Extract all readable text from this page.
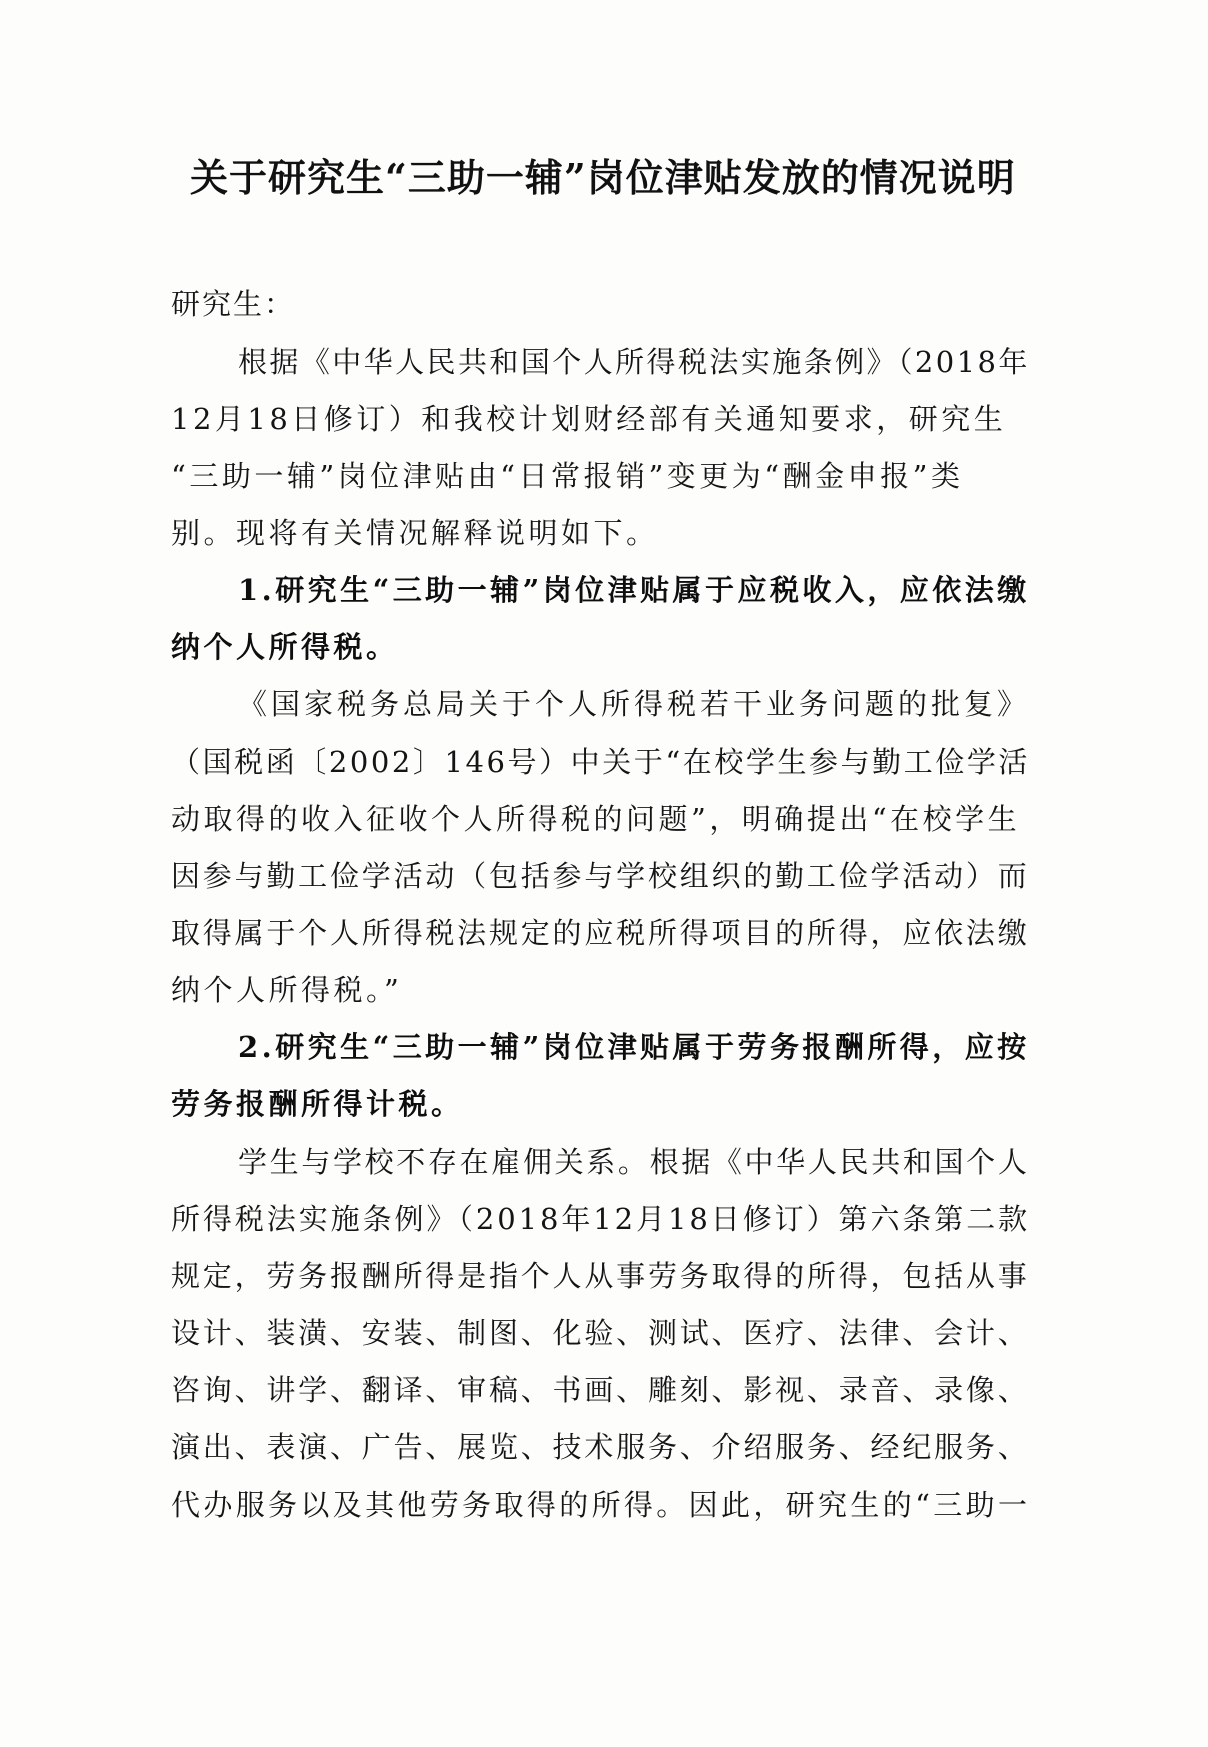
关于研究生“三助一辅”岗位津贴发放的情况说明
研究生：
根据《中华人民共和国个人所得税法实施条例》（2018年
12月18日修订）和我校计划财经部有关通知要求，研究生
“三助一辅”岗位津贴由“日常报销”变更为“酬金申报”类
别。现将有关情况解释说明如下。
1.研究生“三助一辅”岗位津贴属于应税收入，应依法缴
纳个人所得税。
《国家税务总局关于个人所得税若干业务问题的批复》
（国税函〔2002〕146号）中关于“在校学生参与勤工俭学活
动取得的收入征收个人所得税的问题”，明确提出“在校学生
因参与勤工俭学活动（包括参与学校组织的勤工俭学活动）而
取得属于个人所得税法规定的应税所得项目的所得，应依法缴
纳个人所得税。”
2.研究生“三助一辅”岗位津贴属于劳务报酬所得，应按
劳务报酬所得计税。
学生与学校不存在雇佣关系。根据《中华人民共和国个人
所得税法实施条例》（2018年12月18日修订）第六条第二款
规定，劳务报酬所得是指个人从事劳务取得的所得，包括从事
设计、装潢、安装、制图、化验、测试、医疗、法律、会计、
咨询、讲学、翻译、审稿、书画、雕刻、影视、录音、录像、
演出、表演、广告、展览、技术服务、介绍服务、经纪服务、
代办服务以及其他劳务取得的所得。因此，研究生的“三助一
